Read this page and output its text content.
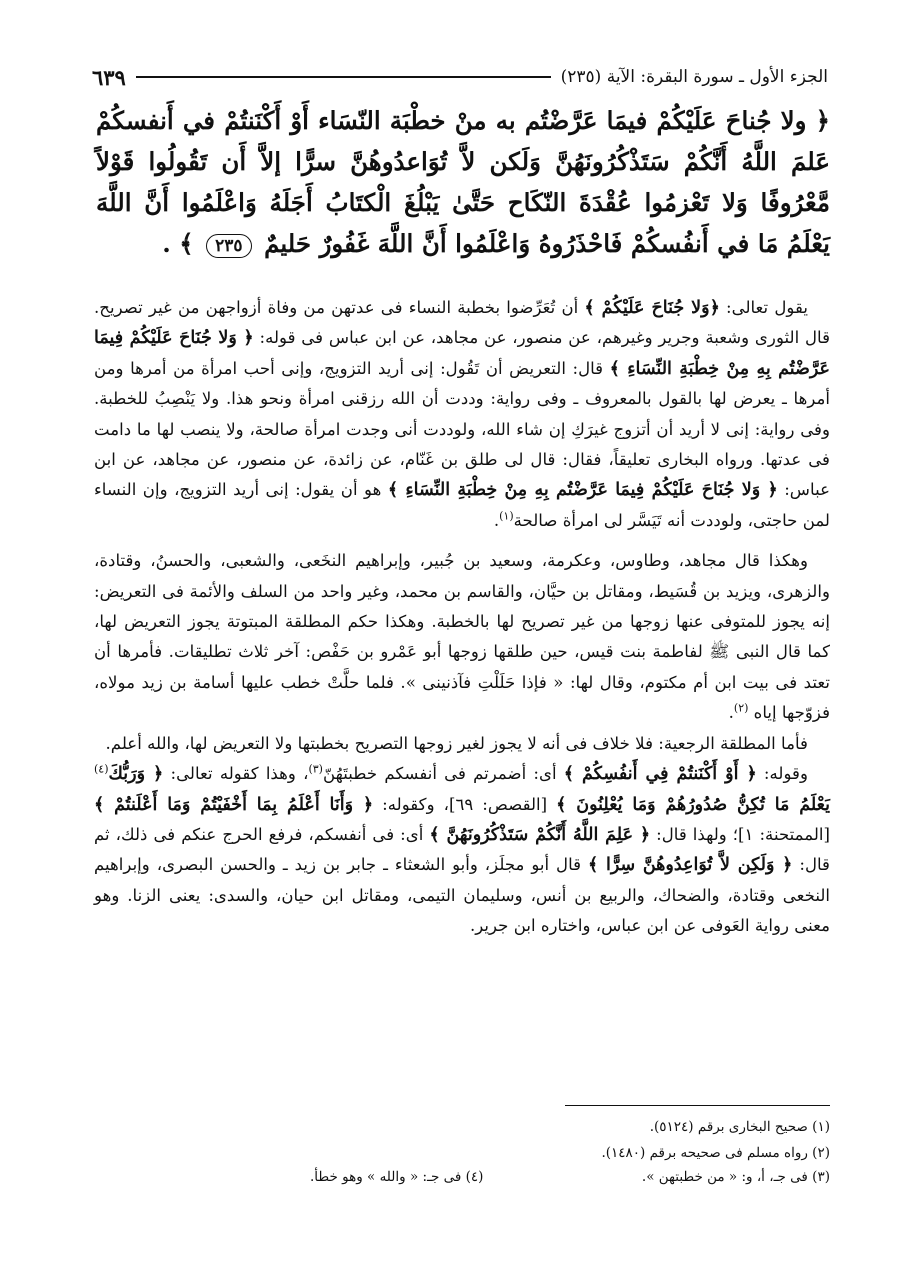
٦٣٩	الجزء الأول ـ سورة البقرة: الآية (٢٣٥)
﴿ ولا جُناحَ عَلَيْكُمْ فيمَا عَرَّضْتُم به منْ خطْبَة النّسَاء أَوْ أَكْنَنتُمْ في أَنفسكُمْ عَلمَ اللَّهُ أَنَّكُمْ سَتَذْكُرُونَهُنَّ وَلَكن لاَّ تُوَاعدُوهُنَّ سرًّا إلاَّ أَن تَقُولُوا قَوْلاً مَّعْرُوفًا وَلا تَعْزمُوا عُقْدَةَ النّكَاح حَتَّىٰ يَبْلُغَ الْكتَابُ أَجَلَهُ وَاعْلَمُوا أَنَّ اللَّهَ يَعْلَمُ مَا في أَنفُسكُمْ فَاحْذَرُوهُ وَاعْلَمُوا أَنَّ اللَّهَ غَفُورٌ حَليمٌ ٢٣٥ ﴾ .

يقول تعالى: ﴿وَلا جُنَاحَ عَلَيْكُمْ ﴾ أن تُعَرِّضوا بخطبة النساء فى عدتهن من وفاة أزواجهن من غير تصريح. قال الثورى وشعبة وجرير وغيرهم، عن منصور، عن مجاهد، عن ابن عباس فى قوله: ﴿ وَلا جُنَاحَ عَلَيْكُمْ فِيمَا عَرَّضْتُم بِهِ مِنْ خِطْبَةِ النِّسَاءِ ﴾ قال: التعريض أن تَقُول: إنى أريد التزويج، وإنى أحب امرأة من أمرها ومن أمرها ـ يعرض لها بالقول بالمعروف ـ وفى رواية: وددت أن الله رزقنى امرأة ونحو هذا. ولا يَنْصِبُ للخطبة. وفى رواية: إنى لا أريد أن أتزوج غيرَكِ إن شاء الله، ولوددت أنى وجدت امرأة صالحة، ولا ينصب لها ما دامت فى عدتها. ورواه البخارى تعليقاً، فقال: قال لى طلق بن غَنّام، عن زائدة، عن منصور، عن مجاهد، عن ابن عباس: ﴿ وَلا جُنَاحَ عَلَيْكُمْ فِيمَا عَرَّضْتُم بِهِ مِنْ خِطْبَةِ النِّسَاءِ ﴾ هو أن يقول: إنى أريد التزويج، وإن النساء لمن حاجتى، ولوددت أنه تَيَسَّر لى امرأة صالحة$^{(١)}$.

وهكذا قال مجاهد، وطاوس، وعكرمة، وسعيد بن جُبير، وإبراهيم النخَعى، والشعبى، والحسنُ، وقتادة، والزهرى، ويزيد بن قُسَيط، ومقاتل بن حيَّان، والقاسم بن محمد، وغير واحد من السلف والأئمة فى التعريض: إنه يجوز للمتوفى عنها زوجها من غير تصريح لها بالخطبة. وهكذا حكم المطلقة المبتوتة يجوز التعريض لها، كما قال النبى ﷺ لفاطمة بنت قيس، حين طلقها زوجها أبو عَمْرو بن حَفْص: آخر ثلاث تطليقات. فأمرها أن تعتد فى بيت ابن أم مكتوم، وقال لها: « فإذا حَلَلْتِ فآذنينى ». فلما حلَّتْ خطب عليها أسامة بن زيد مولاه، فزوّجها إياه $^{(٢)}$.

فأما المطلقة الرجعية: فلا خلاف فى أنه لا يجوز لغير زوجها التصريح بخطبتها ولا التعريض لها، والله أعلم.

وقوله: ﴿ أَوْ أَكْنَنتُمْ فِي أَنفُسِكُمْ ﴾ أى: أضمرتم فى أنفسكم خطبتَهُنّ$^{(٣)}$، وهذا كقوله تعالى: ﴿ وَرَبُّكَ$^{(٤)}$ يَعْلَمُ مَا تُكِنُّ صُدُورُهُمْ وَمَا يُعْلِنُونَ ﴾ [القصص: ٦٩]، وكقوله: ﴿ وَأَنَا أَعْلَمُ بِمَا أَخْفَيْتُمْ وَمَا أَعْلَنتُمْ ﴾ [الممتحنة: ١]؛ ولهذا قال: ﴿ عَلِمَ اللَّهُ أَنَّكُمْ سَتَذْكُرُونَهُنَّ ﴾ أى: فى أنفسكم، فرفع الحرج عنكم فى ذلك، ثم قال: ﴿ وَلَكِن لاَّ تُوَاعِدُوهُنَّ سِرًّا ﴾ قال أبو مجلَز، وأبو الشعثاء ـ جابر بن زيد ـ والحسن البصرى، وإبراهيم النخعى وقتادة، والضحاك، والربيع بن أنس، وسليمان التيمى، ومقاتل ابن حيان، والسدى: يعنى الزنا. وهو معنى رواية العَوفى عن ابن عباس، واختاره ابن جرير.

(١) صحيح البخارى برقم (٥١٢٤).
(٢) رواه مسلم فى صحيحه برقم (١٤٨٠).
(٣) فى جـ، أ، و: « من خطبتهن ».
(٤) فى جـ: « والله » وهو خطأ.
